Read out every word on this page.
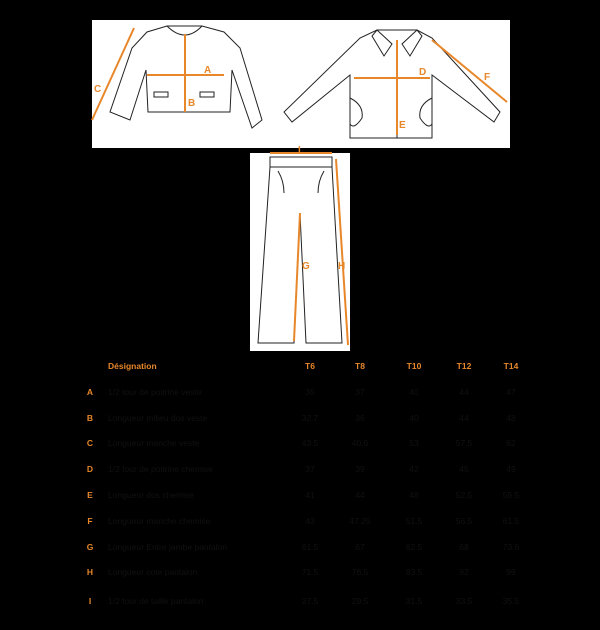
A
B
C
D
E
F
I
G	H
Désignation	T6	T8	T10	T12	T14
A	1/2 tour de poitrine veste	35	37	40	44	47
B	Longueur milieu dos veste	32.7	36	40	44	48
C	Longueur manche veste	43.5	40.6	53	57.5	62
D	1/2 tour de poitrine chemise	37	39	42	45	49
E	Longueur dos chemise	41	44	48	52.5	56.5
F	Longueur manche chemise	43	47.25	51.5	56.5	61.5
G	Longueur Entre jambe pantalon	61.5	67	62.5	68	73.6
H	Longueur cote pantalon	71.5	76.5	83.5	92	99
I	1/2 tour de taille pantalon	27.5	29.5	31.5	33.5	35.5
